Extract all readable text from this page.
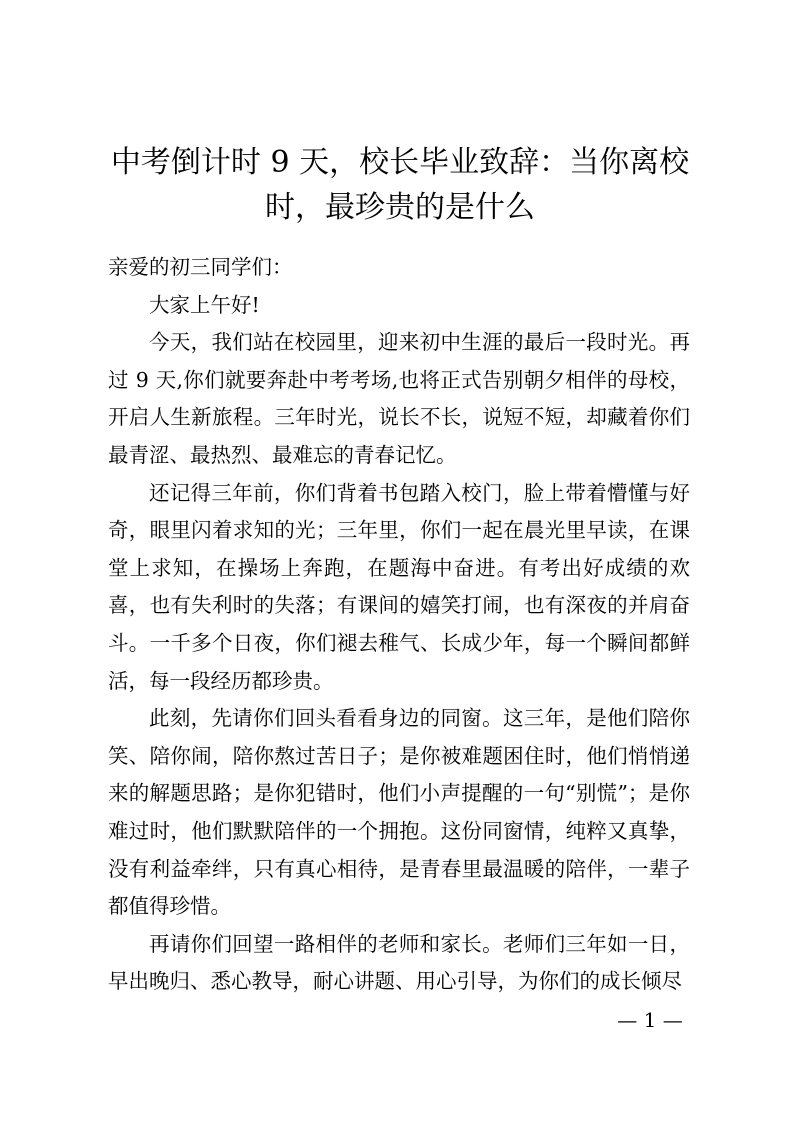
中考倒计时 9 天，校长毕业致辞：当你离校时，最珍贵的是什么

亲爱的初三同学们：

大家上午好!

今天，我们站在校园里，迎来初中生涯的最后一段时光。再过 9 天,你们就要奔赴中考考场,也将正式告别朝夕相伴的母校，开启人生新旅程。三年时光，说长不长，说短不短，却藏着你们最青涩、最热烈、最难忘的青春记忆。

还记得三年前，你们背着书包踏入校门，脸上带着懵懂与好奇，眼里闪着求知的光；三年里，你们一起在晨光里早读，在课堂上求知，在操场上奔跑，在题海中奋进。有考出好成绩的欢喜，也有失利时的失落；有课间的嬉笑打闹，也有深夜的并肩奋斗。一千多个日夜，你们褪去稚气、长成少年，每一个瞬间都鲜活，每一段经历都珍贵。

此刻，先请你们回头看看身边的同窗。这三年，是他们陪你笑、陪你闹，陪你熬过苦日子；是你被难题困住时，他们悄悄递来的解题思路；是你犯错时，他们小声提醒的一句“别慌”；是你难过时，他们默默陪伴的一个拥抱。这份同窗情，纯粹又真挚，没有利益牵绊，只有真心相待，是青春里最温暖的陪伴，一辈子都值得珍惜。

再请你们回望一路相伴的老师和家长。老师们三年如一日，早出晚归、悉心教导，耐心讲题、用心引导，为你们的成长倾尽

— 1 —
